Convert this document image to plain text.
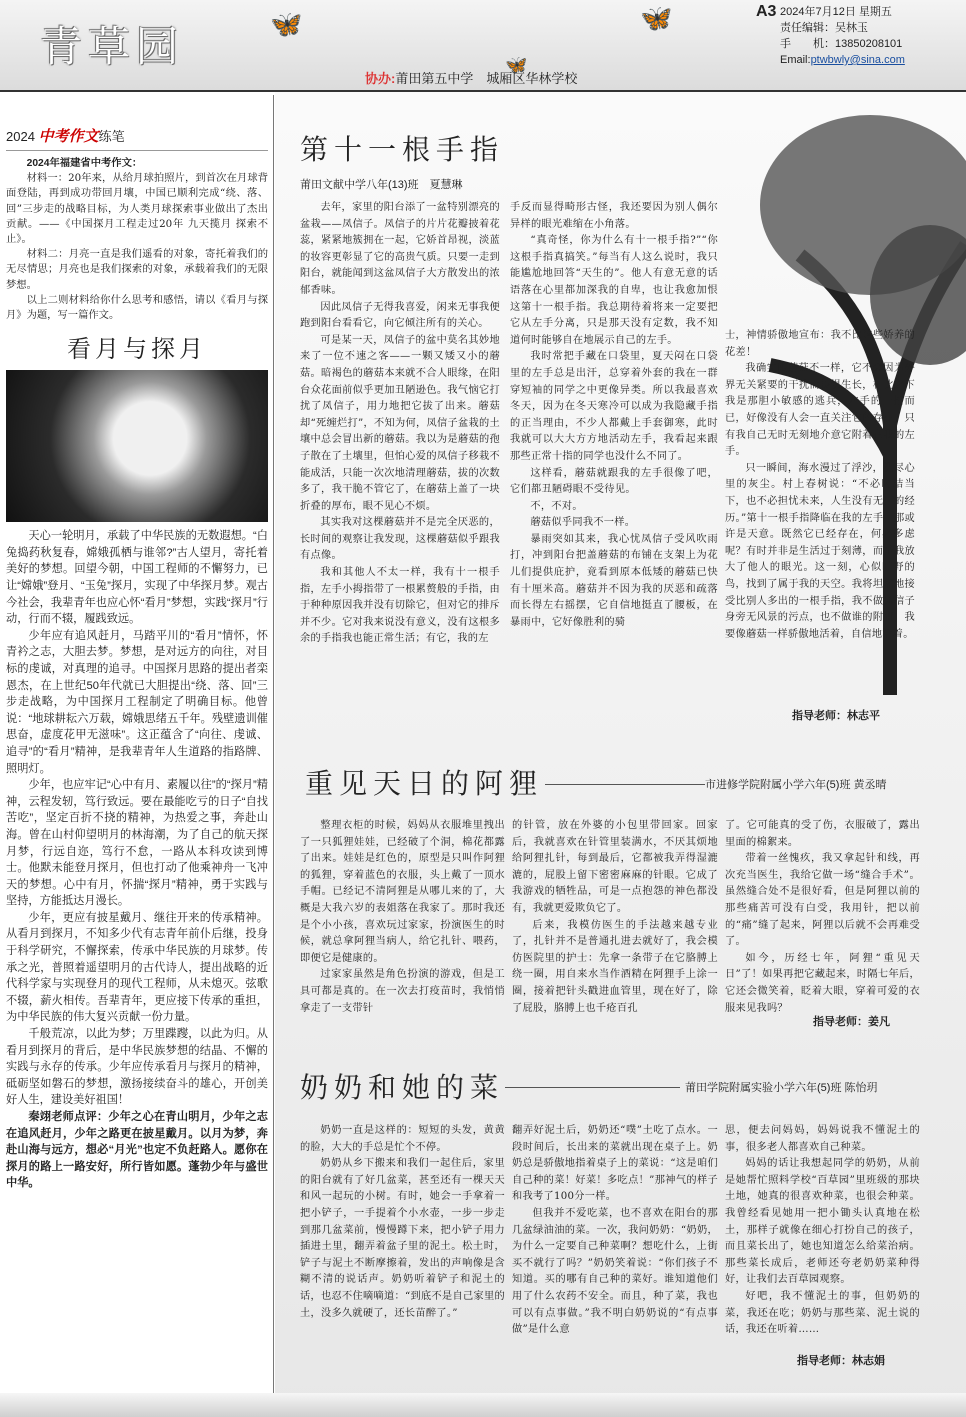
青草园	🦋	🦋
🦋
协办:莆田第五中学　城厢区华林学校
A3 2024年7月12日 星期五
责任编辑：吴林玉
手　　机：13850208101
Email:ptwbwly@sina.com
2024 中考作文练笔

2024年福建省中考作文：

材料一：20年来，从给月球拍照片，到首次在月球背面登陆，再到成功带回月壤，中国已顺利完成“绕、落、回”三步走的战略目标，为人类月球探索事业做出了杰出贡献。——《中国探月工程走过20年 九天揽月 探索不止》。

材料二：月亮一直是我们遥看的对象，寄托着我们的无尽情思；月亮也是我们探索的对象，承载着我们的无限梦想。

以上二则材料给你什么思考和感悟，请以《看月与探月》为题，写一篇作文。

看月与探月

天心一轮明月，承载了中华民族的无数遐想。“白兔捣药秋复春，嫦娥孤栖与谁邻?”古人望月，寄托着美好的梦想。回望今朝，中国工程师的不懈努力，已让“嫦娥”登月、“玉兔”探月，实现了中华探月梦。观古今社会，我辈青年也应心怀“看月”梦想，实践“探月”行动，行而不辍，履践致远。

少年应有追风赶月，马踏平川的“看月”情怀，怀青衿之志，大胆去梦。梦想，是对远方的向往，对目标的虔诚，对真理的追寻。中国探月思路的提出者栾恩杰，在上世纪50年代就已大胆提出“绕、落、回”三步走战略，为中国探月工程制定了明确目标。他曾说：“地球耕耘六万载，嫦娥思绪五千年。残壁遗训催思奋，虚度花甲无滋味”。这正蕴含了“向往、虔诚、追寻”的“看月”精神，是我辈青年人生道路的指路牌、照明灯。

少年，也应牢记“心中有月、素履以往”的“探月”精神，云程发轫，笃行致远。要在最能吃亏的日子“自找苦吃”，坚定百折不挠的精神，为热爱之事，奔赴山海。曾在山村仰望明月的林海潮，为了自己的航天探月梦，行远自迩，笃行不怠，一路从本科攻读到博士。他默未能登月探月，但也打动了他乘神舟一飞冲天的梦想。心中有月，怀揣“探月”精神，勇于实践与坚持，方能抵达月漫长。

少年，更应有披星戴月、继往开来的传承精神。从看月到探月，不知多少代有志青年前仆后继，投身于科学研究，不懈探索，传承中华民族的月球梦。传承之光，普照着遥望明月的古代诗人，提出战略的近代科学家与实现登月的现代工程师，从未熄灭。弦歌不辍，薪火相传。吾辈青年，更应接下传承的重担，为中华民族的伟大复兴贡献一份力量。

千般荒凉，以此为梦；万里蹀躞，以此为归。从看月到探月的背后，是中华民族梦想的结晶、不懈的实践与永存的传承。少年应传承看月与探月的精神，砥砺坚如磐石的梦想，激扬接续奋斗的雄心，开创美好人生，建设美好祖国！

秦翊老师点评：少年之心在青山明月，少年之志在追风赶月，少年之路更在披星戴月。以月为梦，奔赴山海与远方，想必“月光”也定不负赶路人。愿你在探月的路上一路安好，所行皆如愿。蓬勃少年与盛世中华。

第十一根手指
莆田文献中学八年(13)班　夏慧琳

去年，家里的阳台添了一盆特别漂亮的盆栽——凤信子。凤信子的片片花瓣披着花蕊，紧紧地簇拥在一起，它娇首昂视，淡蓝的妆容更彰显了它的高贵气质。只要一走到阳台，就能闻到这盆凤信子大方散发出的浓郁香味。

因此凤信子无得我喜爱，闲来无事我便跑到阳台看看它，向它倾注所有的关心。

可是某一天，凤信子的盆中莫名其妙地来了一位不速之客——一颗又矮又小的蘑菇。暗褐色的蘑菇本来就不合人眼缘，在阳台众花面前似乎更加丑陋逊色。我气恼它打扰了凤信子，用力地把它拔了出来。蘑菇却“死缠烂打”，不知为何，凤信子盆栽的土壤中总会冒出新的蘑菇。我以为是蘑菇的孢子散在了土壤里，但怕心爱的凤信子移栽不能成活，只能一次次地清理蘑菇，拔的次数多了，我干脆不管它了，在蘑菇上盖了一块折叠的厚布，眼不见心不烦。

其实我对这棵蘑菇并不是完全厌恶的，长时间的观察让我发现，这棵蘑菇似乎跟我有点像。

我和其他人不太一样，我有十一根手指，左手小拇指带了一根累赘般的手指，由于种种原因我并没有切除它，但对它的排斥并不少。它对我来说没有意义，没有这根多余的手指我也能正常生活；有它，我的左

手反而显得畸形古怪，我还要因为别人偶尔异样的眼光难缩在小角落。

“真奇怪，你为什么有十一根手指?”“你这根手指真搞笑。”每当有人这么说时，我只能尴尬地回答“天生的”。他人有意无意的话语落在心里都加深我的自卑，也让我愈加恨这第十一根手指。我总期待着将来一定要把它从左手分离，只是那天没有定数，我不知道何时能够自在地展示自己的左手。

我时常把手藏在口袋里，夏天闷在口袋里的左手总是出汗，总穿着外套的我在一群穿短袖的同学之中更像异类。所以我最喜欢冬天，因为在冬天寒冷可以成为我隐藏手指的正当理由，不少人都戴上手套御寒，此时我就可以大大方方地活动左手，我看起来跟那些正常十指的同学也没什么不同了。

这样看，蘑菇就跟我的左手很像了吧，它们都丑陋碍眼不受待见。

不，不对。

蘑菇似乎同我不一样。

暴雨突如其来，我心忧凤信子受风吹雨打，冲到阳台把盖蘑菇的布铺在支架上为花儿们提供庇护，竟看到原本低矮的蘑菇已快有十厘米高。蘑菇并不因为我的厌恶和疏落而长得左右摇摆，它自信地挺直了腰板，在暴雨中，它好像胜利的骑

士，神情骄傲地宣布：我不比这些娇养的花差！

我确实跟蘑菇不一样，它不会因为外界无关紧要的干扰而畏惧生长，相比之下我是那胆小敏感的逃兵，左手的一指而已，好像没有人会一直关注它的存在，只有我自己无时无刻地介意它附着在我的左手。

只一瞬间，海水漫过了浮沙，洗尽心里的灰尘。村上春树说：“不必时结当下，也不必担忧未来，人生没有无用的经历。”第十一根手指降临在我的左手，那或许是天意。既然它已经存在，何必多虑呢？有时并非是生活过于刻薄，而是我放大了他人的眼光。这一刻，心似旷野的鸟，找到了属于我的天空。我将坦然地接受比别人多出的一根手指，我不做凤信子身旁无风景的污点，也不做谁的附庸，我要像蘑菇一样骄傲地活着，自信地活着。

指导老师：林志平
重见天日的阿狸	市进修学院附属小学六年(5)班 黄丞晴

整理衣柜的时候，妈妈从衣服堆里拽出了一只狐狸娃娃，已经破了个洞，棉花都露了出来。娃娃是红色的，原型是只叫作阿狸的狐狸，穿着蓝色的衣服，头上戴了一顶水手帽。已经记不清阿狸是从哪儿来的了，大概是大我六岁的表姐落在我家了。那时我还是个小小孩，喜欢玩过家家，扮演医生的时候，就总拿阿狸当病人，给它扎针、喂药，即便它是健康的。

过家家虽然是角色扮演的游戏，但是工具可都是真的。在一次去打疫苗时，我悄悄拿走了一支带针

的针管，放在外婆的小包里带回家。回家后，我就喜欢在针管里装满水，不厌其烦地给阿狸扎针，每到最后，它都被我弄得湿漉漉的，屁股上留下密密麻麻的针眼。它成了我游戏的牺牲品，可是一点抱怨的神色都没有，我就更爱欺负它了。

后来，我模仿医生的手法越来越专业了，扎针并不是普通扎进去就好了，我会模仿医院里的护士：先拿一条带子在它胳膊上绕一圈，用自来水当作酒精在阿狸手上涂一圈，接着把针头戳进血管里，现在好了，除了屁股，胳膊上也千疮百孔

了。它可能真的受了伤，衣服破了，露出里面的棉絮来。

带着一丝愧疚，我又拿起针和线，再次充当医生，我给它做一场“缝合手术”。虽然缝合处不是很好看，但是阿狸以前的那些痛苦可没有白受，我用针，把以前的“痛”缝了起来，阿狸以后就不会再难受了。

如今，历经七年，阿狸“重见天日”了！如果再把它藏起来，时隔七年后，它还会微笑着，眨着大眼，穿着可爱的衣服来见我吗？

指导老师：姜凡
奶奶和她的菜	莆田学院附属实验小学六年(5)班 陈怡玥

奶奶一直是这样的：短短的头发，黄黄的脸，大大的手总是忙个不停。

奶奶从乡下搬来和我们一起住后，家里的阳台就有了好几盆菜，甚至还有一棵天天和风一起玩的小树。有时，她会一手拿着一把小铲子，一手提着个小水壶，一步一步走到那几盆菜前，慢慢蹲下来，把小铲子用力插进土里，翻弄着盆子里的泥土。松土时，铲子与泥土不断摩擦着，发出的声响像是含糊不清的说话声。奶奶听着铲子和泥土的话，也忍不住嘀嘀道：“到底不是自己家里的土，没多久就硬了，还长苗醉了。”

翻弄好泥土后，奶奶还“噗”土吃了点水。一段时间后，长出来的菜就出现在桌子上。奶奶总是骄傲地指着桌子上的菜说：“这是咱们自己种的菜！好菜！多吃点！”那神气的样子和我考了100分一样。

但我并不爱吃菜，也不喜欢在阳台的那几盆绿油油的菜。一次，我问奶奶：“奶奶，为什么一定要自己种菜啊？想吃什么，上街买不就行了吗？”奶奶笑着说：“你们孩子不知道。买的哪有自己种的菜好。谁知道他们用了什么农药不安全。而且，种了菜，我也可以有点事做。”我不明白奶奶说的“有点事做”是什么意

思，便去问妈妈，妈妈说我不懂泥土的事，很多老人都喜欢自己种菜。

妈妈的话让我想起同学的奶奶，从前是她帮忙照料学校“百草园”里班级的那块土地，她真的很喜欢种菜，也很会种菜。我曾经看见她用一把小锄头认真地在松土，那样子就像在细心打扮自己的孩子，而且菜长出了，她也知道怎么给菜治病。那些菜长成后，老师还夸老奶奶菜种得好，让我们去百草园观察。

好吧，我不懂泥土的事，但奶奶的菜，我还在吃；奶奶与那些菜、泥土说的话，我还在听着……

指导老师：林志娟
